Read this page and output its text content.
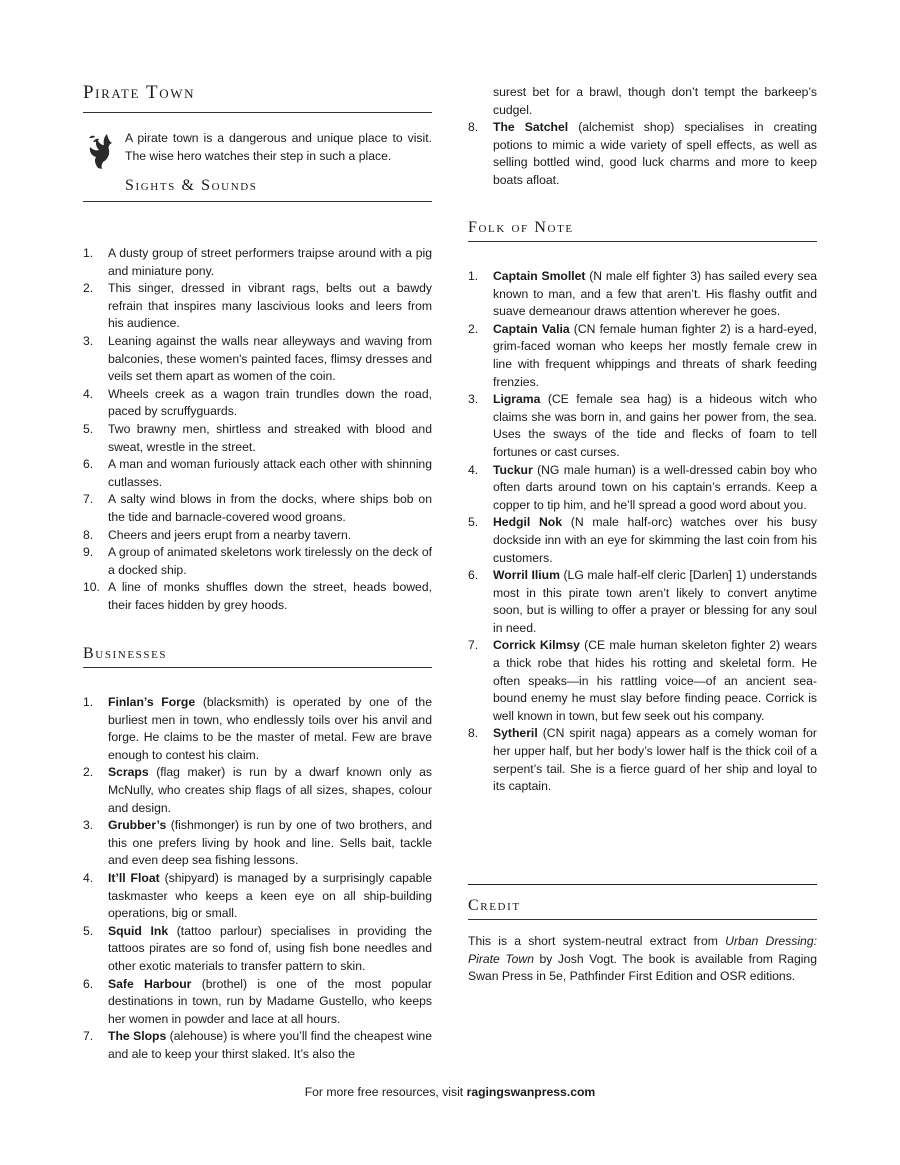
Pirate Town
A pirate town is a dangerous and unique place to visit. The wise hero watches their step in such a place.
Sights & Sounds
1. A dusty group of street performers traipse around with a pig and miniature pony.
2. This singer, dressed in vibrant rags, belts out a bawdy refrain that inspires many lascivious looks and leers from his audience.
3. Leaning against the walls near alleyways and waving from balconies, these women's painted faces, flimsy dresses and veils set them apart as women of the coin.
4. Wheels creek as a wagon train trundles down the road, paced by scruffyguards.
5. Two brawny men, shirtless and streaked with blood and sweat, wrestle in the street.
6. A man and woman furiously attack each other with shinning cutlasses.
7. A salty wind blows in from the docks, where ships bob on the tide and barnacle-covered wood groans.
8. Cheers and jeers erupt from a nearby tavern.
9. A group of animated skeletons work tirelessly on the deck of a docked ship.
10. A line of monks shuffles down the street, heads bowed, their faces hidden by grey hoods.
Businesses
1. Finlan’s Forge (blacksmith) is operated by one of the burliest men in town, who endlessly toils over his anvil and forge. He claims to be the master of metal. Few are brave enough to contest his claim.
2. Scraps (flag maker) is run by a dwarf known only as McNully, who creates ship flags of all sizes, shapes, colour and design.
3. Grubber’s (fishmonger) is run by one of two brothers, and this one prefers living by hook and line. Sells bait, tackle and even deep sea fishing lessons.
4. It’ll Float (shipyard) is managed by a surprisingly capable taskmaster who keeps a keen eye on all ship-building operations, big or small.
5. Squid Ink (tattoo parlour) specialises in providing the tattoos pirates are so fond of, using fish bone needles and other exotic materials to transfer pattern to skin.
6. Safe Harbour (brothel) is one of the most popular destinations in town, run by Madame Gustello, who keeps her women in powder and lace at all hours.
7. The Slops (alehouse) is where you’ll find the cheapest wine and ale to keep your thirst slaked. It’s also the
surest bet for a brawl, though don’t tempt the barkeep’s cudgel.
8. The Satchel (alchemist shop) specialises in creating potions to mimic a wide variety of spell effects, as well as selling bottled wind, good luck charms and more to keep boats afloat.
Folk of Note
1. Captain Smollet (N male elf fighter 3) has sailed every sea known to man, and a few that aren’t. His flashy outfit and suave demeanour draws attention wherever he goes.
2. Captain Valia (CN female human fighter 2) is a hard-eyed, grim-faced woman who keeps her mostly female crew in line with frequent whippings and threats of shark feeding frenzies.
3. Ligrama (CE female sea hag) is a hideous witch who claims she was born in, and gains her power from, the sea. Uses the sways of the tide and flecks of foam to tell fortunes or cast curses.
4. Tuckur (NG male human) is a well-dressed cabin boy who often darts around town on his captain’s errands. Keep a copper to tip him, and he’ll spread a good word about you.
5. Hedgil Nok (N male half-orc) watches over his busy dockside inn with an eye for skimming the last coin from his customers.
6. Worril Ilium (LG male half-elf cleric [Darlen] 1) understands most in this pirate town aren’t likely to convert anytime soon, but is willing to offer a prayer or blessing for any soul in need.
7. Corrick Kilmsy (CE male human skeleton fighter 2) wears a thick robe that hides his rotting and skeletal form. He often speaks—in his rattling voice—of an ancient sea-bound enemy he must slay before finding peace. Corrick is well known in town, but few seek out his company.
8. Sytheril (CN spirit naga) appears as a comely woman for her upper half, but her body’s lower half is the thick coil of a serpent’s tail. She is a fierce guard of her ship and loyal to its captain.
Credit
This is a short system-neutral extract from Urban Dressing: Pirate Town by Josh Vogt. The book is available from Raging Swan Press in 5e, Pathfinder First Edition and OSR editions.
For more free resources, visit ragingswanpress.com
